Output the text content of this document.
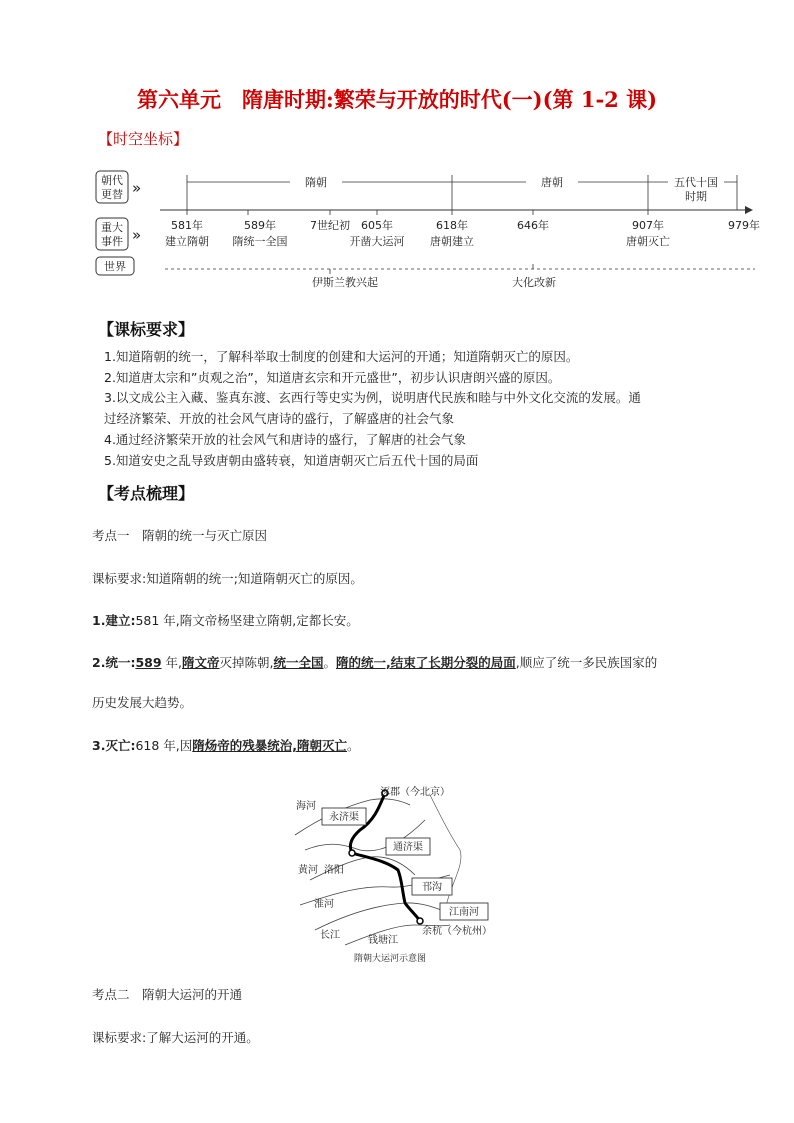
第六单元　隋唐时期:繁荣与开放的时代(一)(第 1-2 课)
【时空坐标】
朝代
更替 »
重大
事件 »
世界
隋朝	唐朝	五代十国
时期
581年
建立隋朝
589年
隋统一全国
7世纪初 605年
开凿大运河
618年
唐朝建立
646年	907年
唐朝灭亡
979年
伊斯兰教兴起	大化改新
【课标要求】
1.知道隋朝的统一，了解科举取士制度的创建和大运河的开通；知道隋朝灭亡的原因。
2.知道唐太宗和”贞观之治”，知道唐玄宗和开元盛世”，初步认识唐朗兴盛的原因。
3.以文成公主入藏、鉴真东渡、玄西行等史实为例，说明唐代民族和睦与中外文化交流的发展。通
过经济繁荣、开放的社会风气唐诗的盛行，了解盛唐的社会气象
4.通过经济繁荣开放的社会风气和唐诗的盛行，了解唐的社会气象
5.知道安史之乱导致唐朝由盛转衰，知道唐朝灭亡后五代十国的局面
【考点梳理】
考点一　隋朝的统一与灭亡原因
课标要求:知道隋朝的统一;知道隋朝灭亡的原因。
1.建立:581 年,隋文帝杨坚建立隋朝,定都长安。
2.统一:589 年,隋文帝灭掉陈朝,统一全国。隋的统一,结束了长期分裂的局面,顺应了统一多民族国家的
历史发展大趋势。
3.灭亡:618 年,因隋炀帝的残暴统治,隋朝灭亡。
涿郡（今北京）
海河
永济渠
通济渠
黄河 洛阳
邗沟
淮河
江南河
长江	钱塘江
余杭（今杭州）
隋朝大运河示意图
考点二　隋朝大运河的开通
课标要求:了解大运河的开通。
